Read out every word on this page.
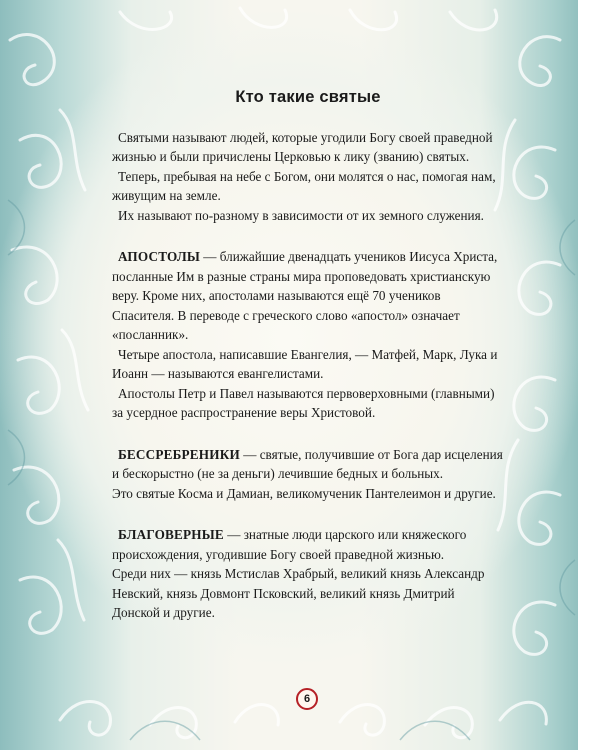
Кто такие святые

Святыми называют людей, которые угодили Богу своей праведной жизнью и были причислены Церковью к лику (званию) святых.

Теперь, пребывая на небе с Богом, они молятся о нас, помогая нам, живущим на земле.

Их называют по-разному в зависимости от их земного служения.

АПОСТОЛЫ — ближайшие двенадцать учеников Иисуса Христа, посланные Им в разные страны мира проповедовать христианскую веру. Кроме них, апостолами называются ещё 70 учеников Спасителя. В переводе с греческого слово «апостол» означает «посланник».

Четыре апостола, написавшие Евангелия, — Матфей, Марк, Лука и Иоанн — называются евангелистами.

Апостолы Петр и Павел называются первоверховными (главными) за усердное распространение веры Христовой.

БЕССРЕБРЕНИКИ — святые, получившие от Бога дар исцеления и бескорыстно (не за деньги) лечившие бедных и больных.

Это святые Косма и Дамиан, великомученик Пантелеимон и другие.

БЛАГОВЕРНЫЕ — знатные люди царского или княжеского происхождения, угодившие Богу своей праведной жизнью.

Среди них — князь Мстислав Храбрый, великий князь Александр Невский, князь Довмонт Псковский, великий князь Дмитрий Донской и другие.

6
